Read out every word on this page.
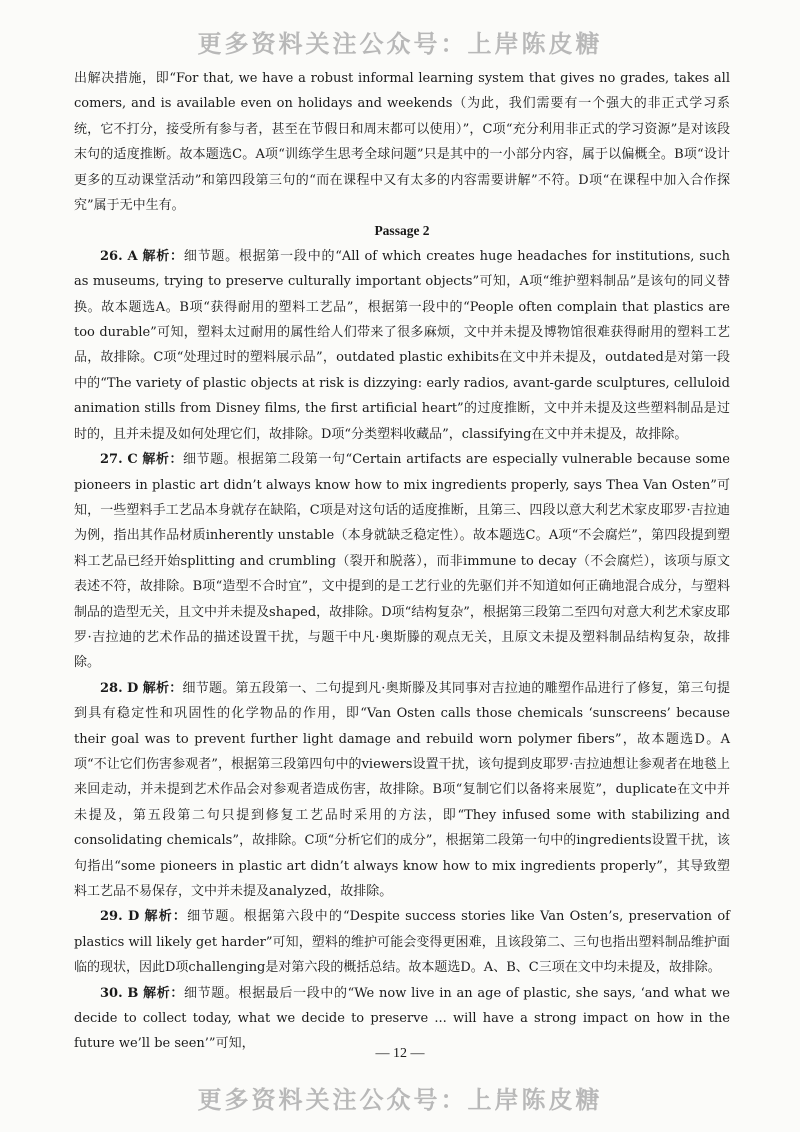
更多资料关注公众号：上岸陈皮糖

出解决措施，即“For that, we have a robust informal learning system that gives no grades, takes all comers, and is available even on holidays and weekends（为此，我们需要有一个强大的非正式学习系统，它不打分，接受所有参与者，甚至在节假日和周末都可以使用）”，C项“充分利用非正式的学习资源”是对该段末句的适度推断。故本题选C。A项“训练学生思考全球问题”只是其中的一小部分内容，属于以偏概全。B项“设计更多的互动课堂活动”和第四段第三句的“而在课程中又有太多的内容需要讲解”不符。D项“在课程中加入合作探究”属于无中生有。

Passage 2

26. A 解析：细节题。根据第一段中的“All of which creates huge headaches for institutions, such as museums, trying to preserve culturally important objects”可知，A项“维护塑料制品”是该句的同义替换。故本题选A。B项“获得耐用的塑料工艺品”，根据第一段中的“People often complain that plastics are too durable”可知，塑料太过耐用的属性给人们带来了很多麻烦，文中并未提及博物馆很难获得耐用的塑料工艺品，故排除。C项“处理过时的塑料展示品”，outdated plastic exhibits在文中并未提及，outdated是对第一段中的“The variety of plastic objects at risk is dizzying: early radios, avant-garde sculptures, celluloid animation stills from Disney films, the first artificial heart”的过度推断，文中并未提及这些塑料制品是过时的，且并未提及如何处理它们，故排除。D项“分类塑料收藏品”，classifying在文中并未提及，故排除。

27. C 解析：细节题。根据第二段第一句“Certain artifacts are especially vulnerable because some pioneers in plastic art didn’t always know how to mix ingredients properly, says Thea Van Osten”可知，一些塑料手工艺品本身就存在缺陷，C项是对这句话的适度推断，且第三、四段以意大利艺术家皮耶罗·吉拉迪为例，指出其作品材质inherently unstable（本身就缺乏稳定性）。故本题选C。A项“不会腐烂”，第四段提到塑料工艺品已经开始splitting and crumbling（裂开和脱落），而非immune to decay（不会腐烂），该项与原文表述不符，故排除。B项“造型不合时宜”，文中提到的是工艺行业的先驱们并不知道如何正确地混合成分，与塑料制品的造型无关，且文中并未提及shaped，故排除。D项“结构复杂”，根据第三段第二至四句对意大利艺术家皮耶罗·吉拉迪的艺术作品的描述设置干扰，与题干中凡·奥斯滕的观点无关，且原文未提及塑料制品结构复杂，故排除。

28. D 解析：细节题。第五段第一、二句提到凡·奥斯滕及其同事对吉拉迪的雕塑作品进行了修复，第三句提到具有稳定性和巩固性的化学物品的作用，即“Van Osten calls those chemicals ‘sunscreens’ because their goal was to prevent further light damage and rebuild worn polymer fibers”，故本题选D。A项“不让它们伤害参观者”，根据第三段第四句中的viewers设置干扰，该句提到皮耶罗·吉拉迪想让参观者在地毯上来回走动，并未提到艺术作品会对参观者造成伤害，故排除。B项“复制它们以备将来展览”，duplicate在文中并未提及，第五段第二句只提到修复工艺品时采用的方法，即“They infused some with stabilizing and consolidating chemicals”，故排除。C项“分析它们的成分”，根据第二段第一句中的ingredients设置干扰，该句指出“some pioneers in plastic art didn’t always know how to mix ingredients properly”，其导致塑料工艺品不易保存，文中并未提及analyzed，故排除。

29. D 解析：细节题。根据第六段中的“Despite success stories like Van Osten’s, preservation of plastics will likely get harder”可知，塑料的维护可能会变得更困难，且该段第二、三句也指出塑料制品维护面临的现状，因此D项challenging是对第六段的概括总结。故本题选D。A、B、C三项在文中均未提及，故排除。

30. B 解析：细节题。根据最后一段中的“We now live in an age of plastic, she says, ‘and what we decide to collect today, what we decide to preserve ... will have a strong impact on how in the future we’ll be seen’”可知，

— 12 —
更多资料关注公众号：上岸陈皮糖
